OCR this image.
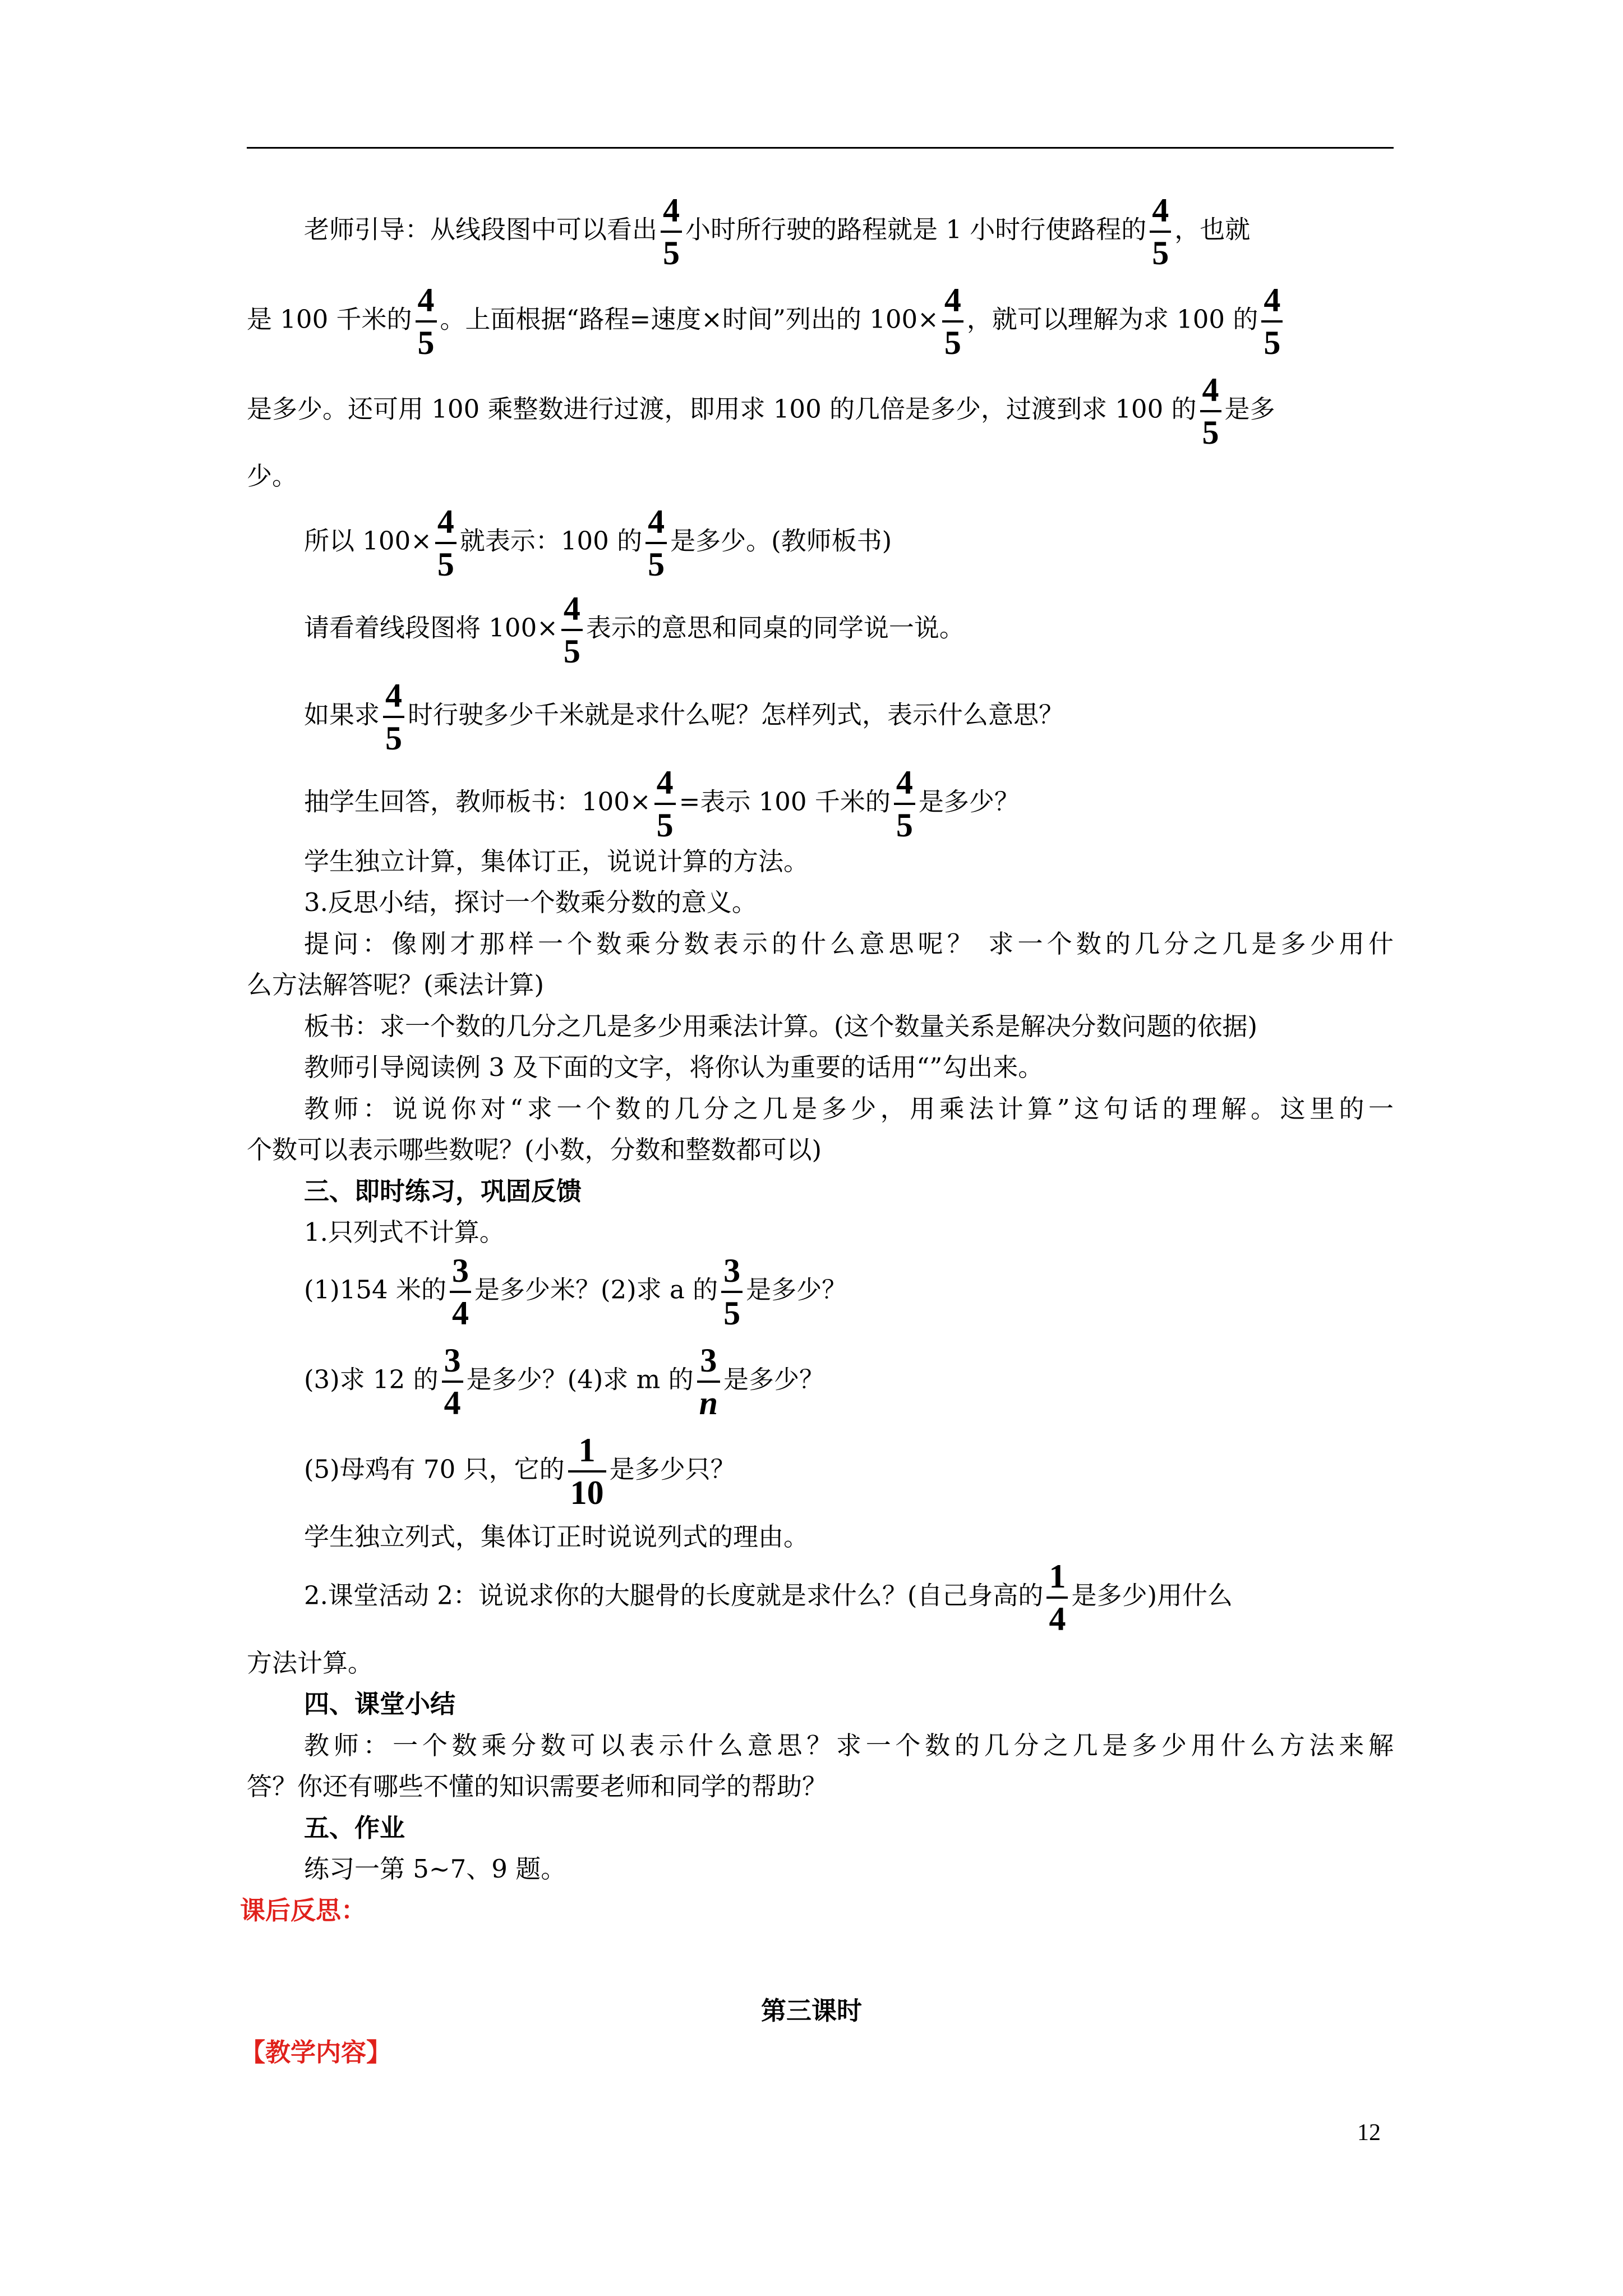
老师引导：从线段图中可以看出 $\frac{4}{5}$ 小时所行驶的路程就是 1 小时行使路程的 $\frac{4}{5}$ ，也就
是 100 千米的 $\frac{4}{5}$ 。上面根据“路程=速度×时间”列出的 $100\times \frac{4}{5}$ ，就可以理解为求 100 的 $\frac{4}{5}$
是多少。还可用 100 乘整数进行过渡，即用求 100 的几倍是多少，过渡到求 100 的 $\frac{4}{5}$ 是多
少。
所以 $100\times \frac{4}{5}$ 就表示：100 的 $\frac{4}{5}$ 是多少。(教师板书)
请看着线段图将 $100\times \frac{4}{5}$ 表示的意思和同桌的同学说一说。
如果求 $\frac{4}{5}$ 时行驶多少千米就是求什么呢？怎样列式，表示什么意思？
抽学生回答，教师板书：$100\times \frac{4}{5}$ =表示 100 千米的 $\frac{4}{5}$ 是多少？
学生独立计算，集体订正，说说计算的方法。
3.反思小结，探讨一个数乘分数的意义。
提问：像刚才那样一个数乘分数表示的什么意思呢？ 求一个数的几分之几是多少用什
么方法解答呢？(乘法计算)
板书：求一个数的几分之几是多少用乘法计算。(这个数量关系是解决分数问题的依据)
教师引导阅读例 3 及下面的文字，将你认为重要的话用“”勾出来。
教师：说说你对“求一个数的几分之几是多少，用乘法计算”这句话的理解。这里的一
个数可以表示哪些数呢？(小数，分数和整数都可以)
三、即时练习，巩固反馈
1.只列式不计算。
(1)154 米的 $\frac{3}{4}$ 是多少米？(2)求 a 的 $\frac{3}{5}$ 是多少？
(3)求 12 的 $\frac{3}{4}$ 是多少？(4)求 m 的 $\frac{3}{n}$ 是多少？
(5)母鸡有 70 只，它的 $\frac{1}{10}$ 是多少只？
学生独立列式，集体订正时说说列式的理由。
2.课堂活动 2：说说求你的大腿骨的长度就是求什么？(自己身高的 $\frac{1}{4}$ 是多少)用什么
方法计算。
四、课堂小结
教师：一个数乘分数可以表示什么意思？求一个数的几分之几是多少用什么方法来解
答？你还有哪些不懂的知识需要老师和同学的帮助？
五、作业
练习一第 5~7、9 题。
课后反思：
第三课时
【教学内容】
12
